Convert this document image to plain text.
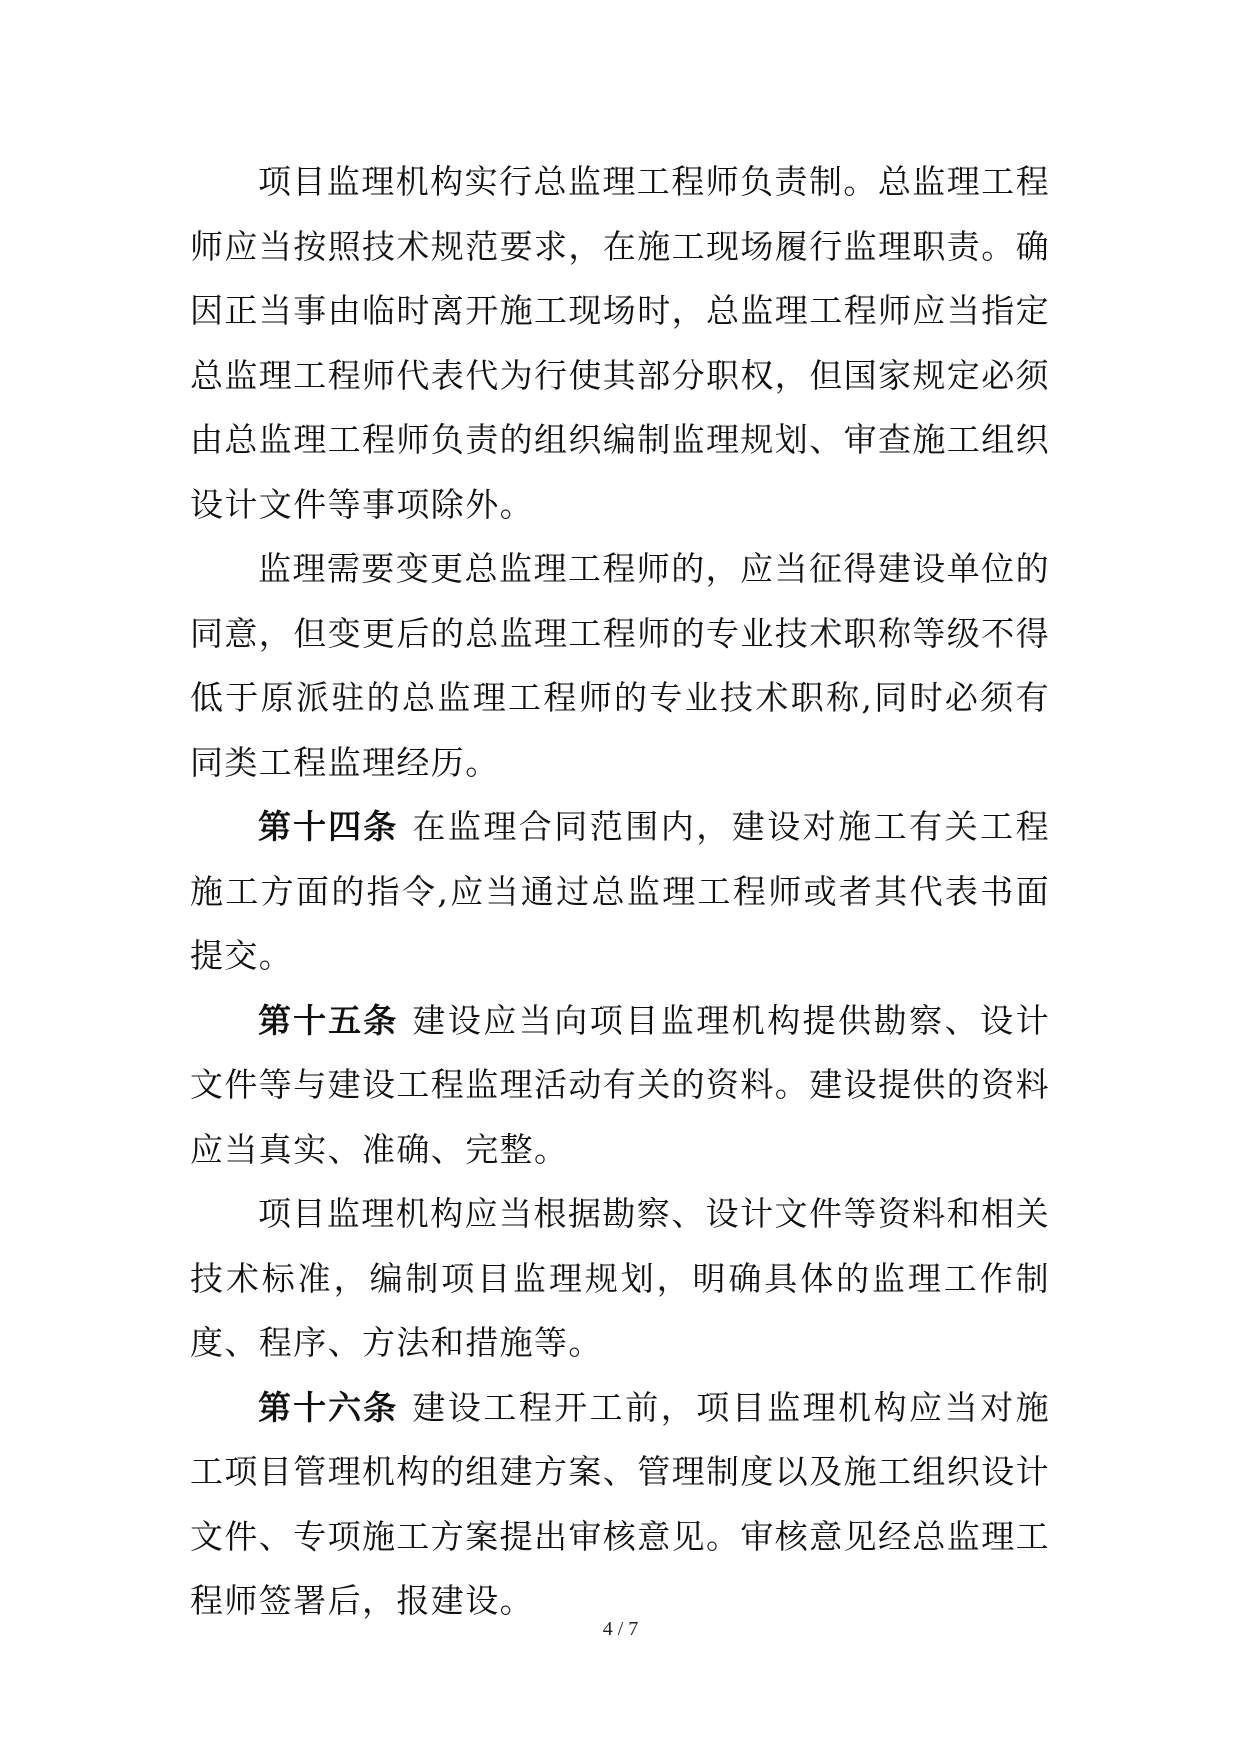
项目监理机构实行总监理工程师负责制。总监理工程师应当按照技术规范要求，在施工现场履行监理职责。确因正当事由临时离开施工现场时，总监理工程师应当指定总监理工程师代表代为行使其部分职权，但国家规定必须由总监理工程师负责的组织编制监理规划、审查施工组织设计文件等事项除外。

监理需要变更总监理工程师的，应当征得建设单位的同意，但变更后的总监理工程师的专业技术职称等级不得低于原派驻的总监理工程师的专业技术职称,同时必须有同类工程监理经历。

第十四条 在监理合同范围内，建设对施工有关工程施工方面的指令,应当通过总监理工程师或者其代表书面提交。

第十五条 建设应当向项目监理机构提供勘察、设计文件等与建设工程监理活动有关的资料。建设提供的资料应当真实、准确、完整。

项目监理机构应当根据勘察、设计文件等资料和相关技术标准，编制项目监理规划，明确具体的监理工作制度、程序、方法和措施等。

第十六条 建设工程开工前，项目监理机构应当对施工项目管理机构的组建方案、管理制度以及施工组织设计文件、专项施工方案提出审核意见。审核意见经总监理工程师签署后，报建设。

4 / 7
